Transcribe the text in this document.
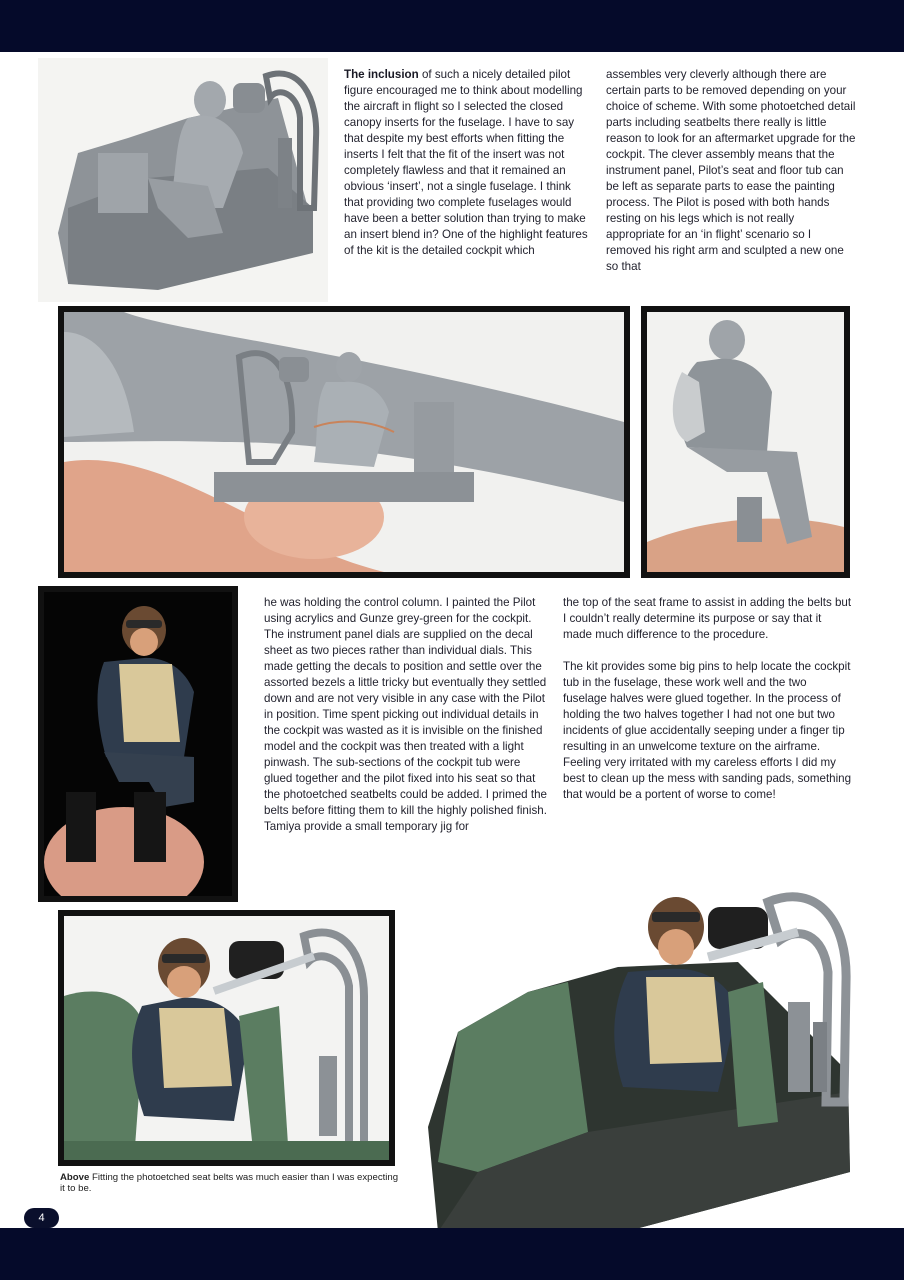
The inclusion of such a nicely detailed pilot figure encouraged me to think about modelling the aircraft in flight so I selected the closed canopy inserts for the fuselage. I have to say that despite my best efforts when fitting the inserts I felt that the fit of the insert was not completely flawless and that it remained an obvious ‘insert’, not a single fuselage. I think that providing two complete fuselages would have been a better solution than trying to make an insert blend in? One of the highlight features of the kit is the detailed cockpit which

assembles very cleverly although there are certain parts to be removed depending on your choice of scheme. With some photoetched detail parts including seatbelts there really is little reason to look for an aftermarket upgrade for the cockpit. The clever assembly means that the instrument panel, Pilot’s seat and floor tub can be left as separate parts to ease the painting process. The Pilot is posed with both hands resting on his legs which is not really appropriate for an ‘in flight’ scenario so I removed his right arm and sculpted a new one so that

he was holding the control column. I painted the Pilot using acrylics and Gunze grey-green for the cockpit. The instrument panel dials are supplied on the decal sheet as two pieces rather than individual dials. This made getting the decals to position and settle over the assorted bezels a little tricky but eventually they settled down and are not very visible in any case with the Pilot in position. Time spent picking out individual details in the cockpit was wasted as it is invisible on the finished model and the cockpit was then treated with a light pinwash. The sub-sections of the cockpit tub were glued together and the pilot fixed into his seat so that the photoetched seatbelts could be added. I primed the belts before fitting them to kill the highly polished finish. Tamiya provide a small temporary jig for

the top of the seat frame to assist in adding the belts but I couldn’t really determine its purpose or say that it made much difference to the procedure.

The kit provides some big pins to help locate the cockpit tub in the fuselage, these work well and the two fuselage halves were glued together. In the process of holding the two halves together I had not one but two incidents of glue accidentally seeping under a finger tip resulting in an unwelcome texture on the airframe. Feeling very irritated with my careless efforts I did my best to clean up the mess with sanding pads, something that would be a portent of worse to come!

Above Fitting the photoetched seat belts was much easier than I was expecting it to be.
4
